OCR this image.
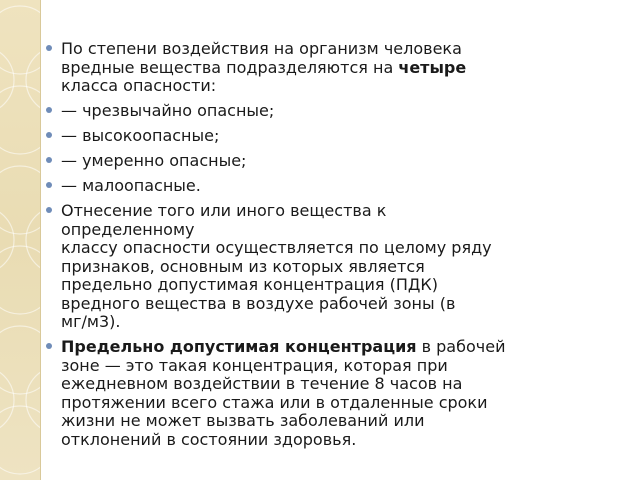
По степени воздействия на организм человека
вредные вещества подразделяются на четыре
класса опасности:
— чрезвычайно опасные;
— высокоопасные;
— умеренно опасные;
— малоопасные.
Отнесение того или иного вещества к
определенному
классу опасности осуществляется по целому ряду
признаков, основным из которых является
предельно допустимая концентрация (ПДК)
вредного вещества в воздухе рабочей зоны (в
мг/м3).
Предельно допустимая концентрация в рабочей
зоне — это такая концентрация, которая при
ежедневном воздействии в течение 8 часов на
протяжении всего стажа или в отдаленные сроки
жизни не может вызвать заболеваний или
отклонений в состоянии здоровья.
